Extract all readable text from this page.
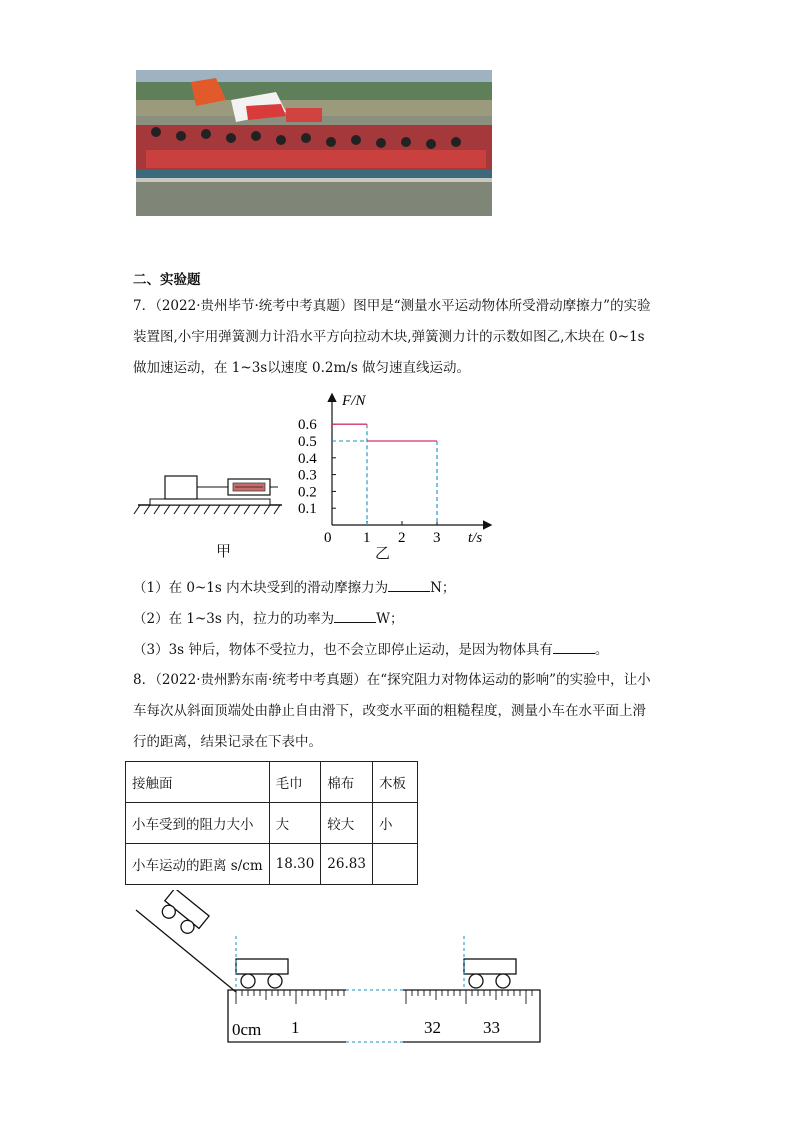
二、实验题
7．（2022·贵州毕节·统考中考真题）图甲是“测量水平运动物体所受滑动摩擦力”的实验
装置图,小宇用弹簧测力计沿水平方向拉动木块,弹簧测力计的示数如图乙,木块在 0~1s
做加速运动，在 1~3s以速度 0.2m/s 做匀速直线运动。
甲
0.6
0.5
0.4
0.3
0.2
0.1
1 2 3
F/N
t/s
0
乙
（1）在 0~1s 内木块受到的滑动摩擦力为	N；
（2）在 1~3s 内，拉力的功率为	W；
（3）3s 钟后，物体不受拉力，也不会立即停止运动，是因为物体具有	。
8．（2022·贵州黔东南·统考中考真题）在“探究阻力对物体运动的影响”的实验中，让小
车每次从斜面顶端处由静止自由滑下，改变水平面的粗糙程度，测量小车在水平面上滑
行的距离，结果记录在下表中。
接触面	毛巾	棉布	木板
小车受到的阻力大小	大	较大	小
小车运动的距离 s/cm	18.30	26.83	
0cm 1	32 33
